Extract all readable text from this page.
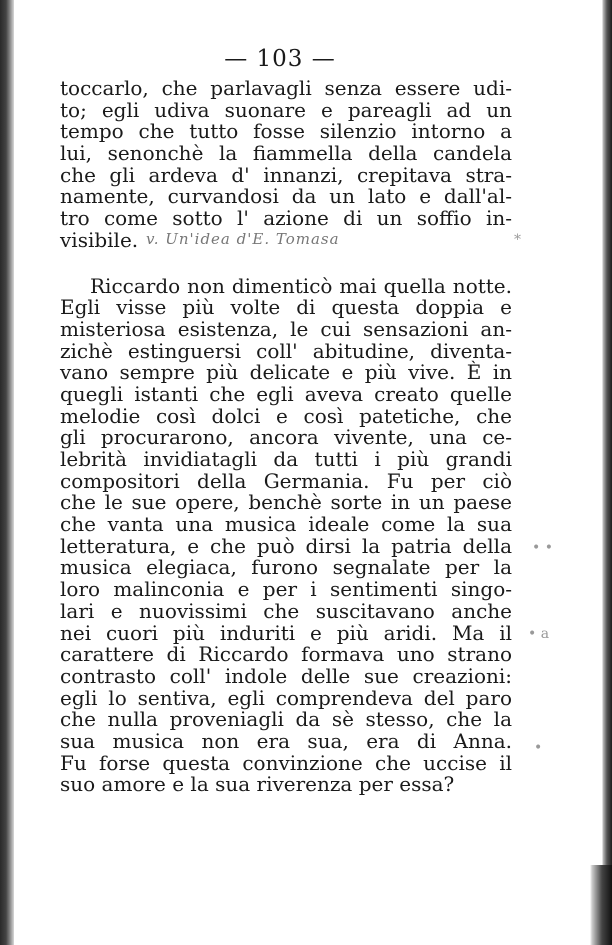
— 103 —
toccarlo, che parlavagli senza essere udi-
to; egli udiva suonare e pareagli ad un
tempo che tutto fosse silenzio intorno a
lui, senonchè la fiammella della candela
che gli ardeva d' innanzi, crepitava stra-
namente, curvandosi da un lato e dall'al-
tro come sotto l' azione di un soffio in-
visibile.
Riccardo non dimenticò mai quella notte.
Egli visse più volte di questa doppia e
misteriosa esistenza, le cui sensazioni an-
zichè estinguersi coll' abitudine, diventa-
vano sempre più delicate e più vive. È in
quegli istanti che egli aveva creato quelle
melodie così dolci e così patetiche, che
gli procurarono, ancora vivente, una ce-
lebrità invidiatagli da tutti i più grandi
compositori della Germania. Fu per ciò
che le sue opere, benchè sorte in un paese
che vanta una musica ideale come la sua
letteratura, e che può dirsi la patria della
musica elegiaca, furono segnalate per la
loro malinconia e per i sentimenti singo-
lari e nuovissimi che suscitavano anche
nei cuori più induriti e più aridi. Ma il
carattere di Riccardo formava uno strano
contrasto coll' indole delle sue creazioni:
egli lo sentiva, egli comprendeva del paro
che nulla proveniagli da sè stesso, che la
sua musica non era sua, era di Anna.
Fu forse questa convinzione che uccise il
suo amore e la sua riverenza per essa?
v. Un'idea d'E. Tomasa	*
• •
• a
•
